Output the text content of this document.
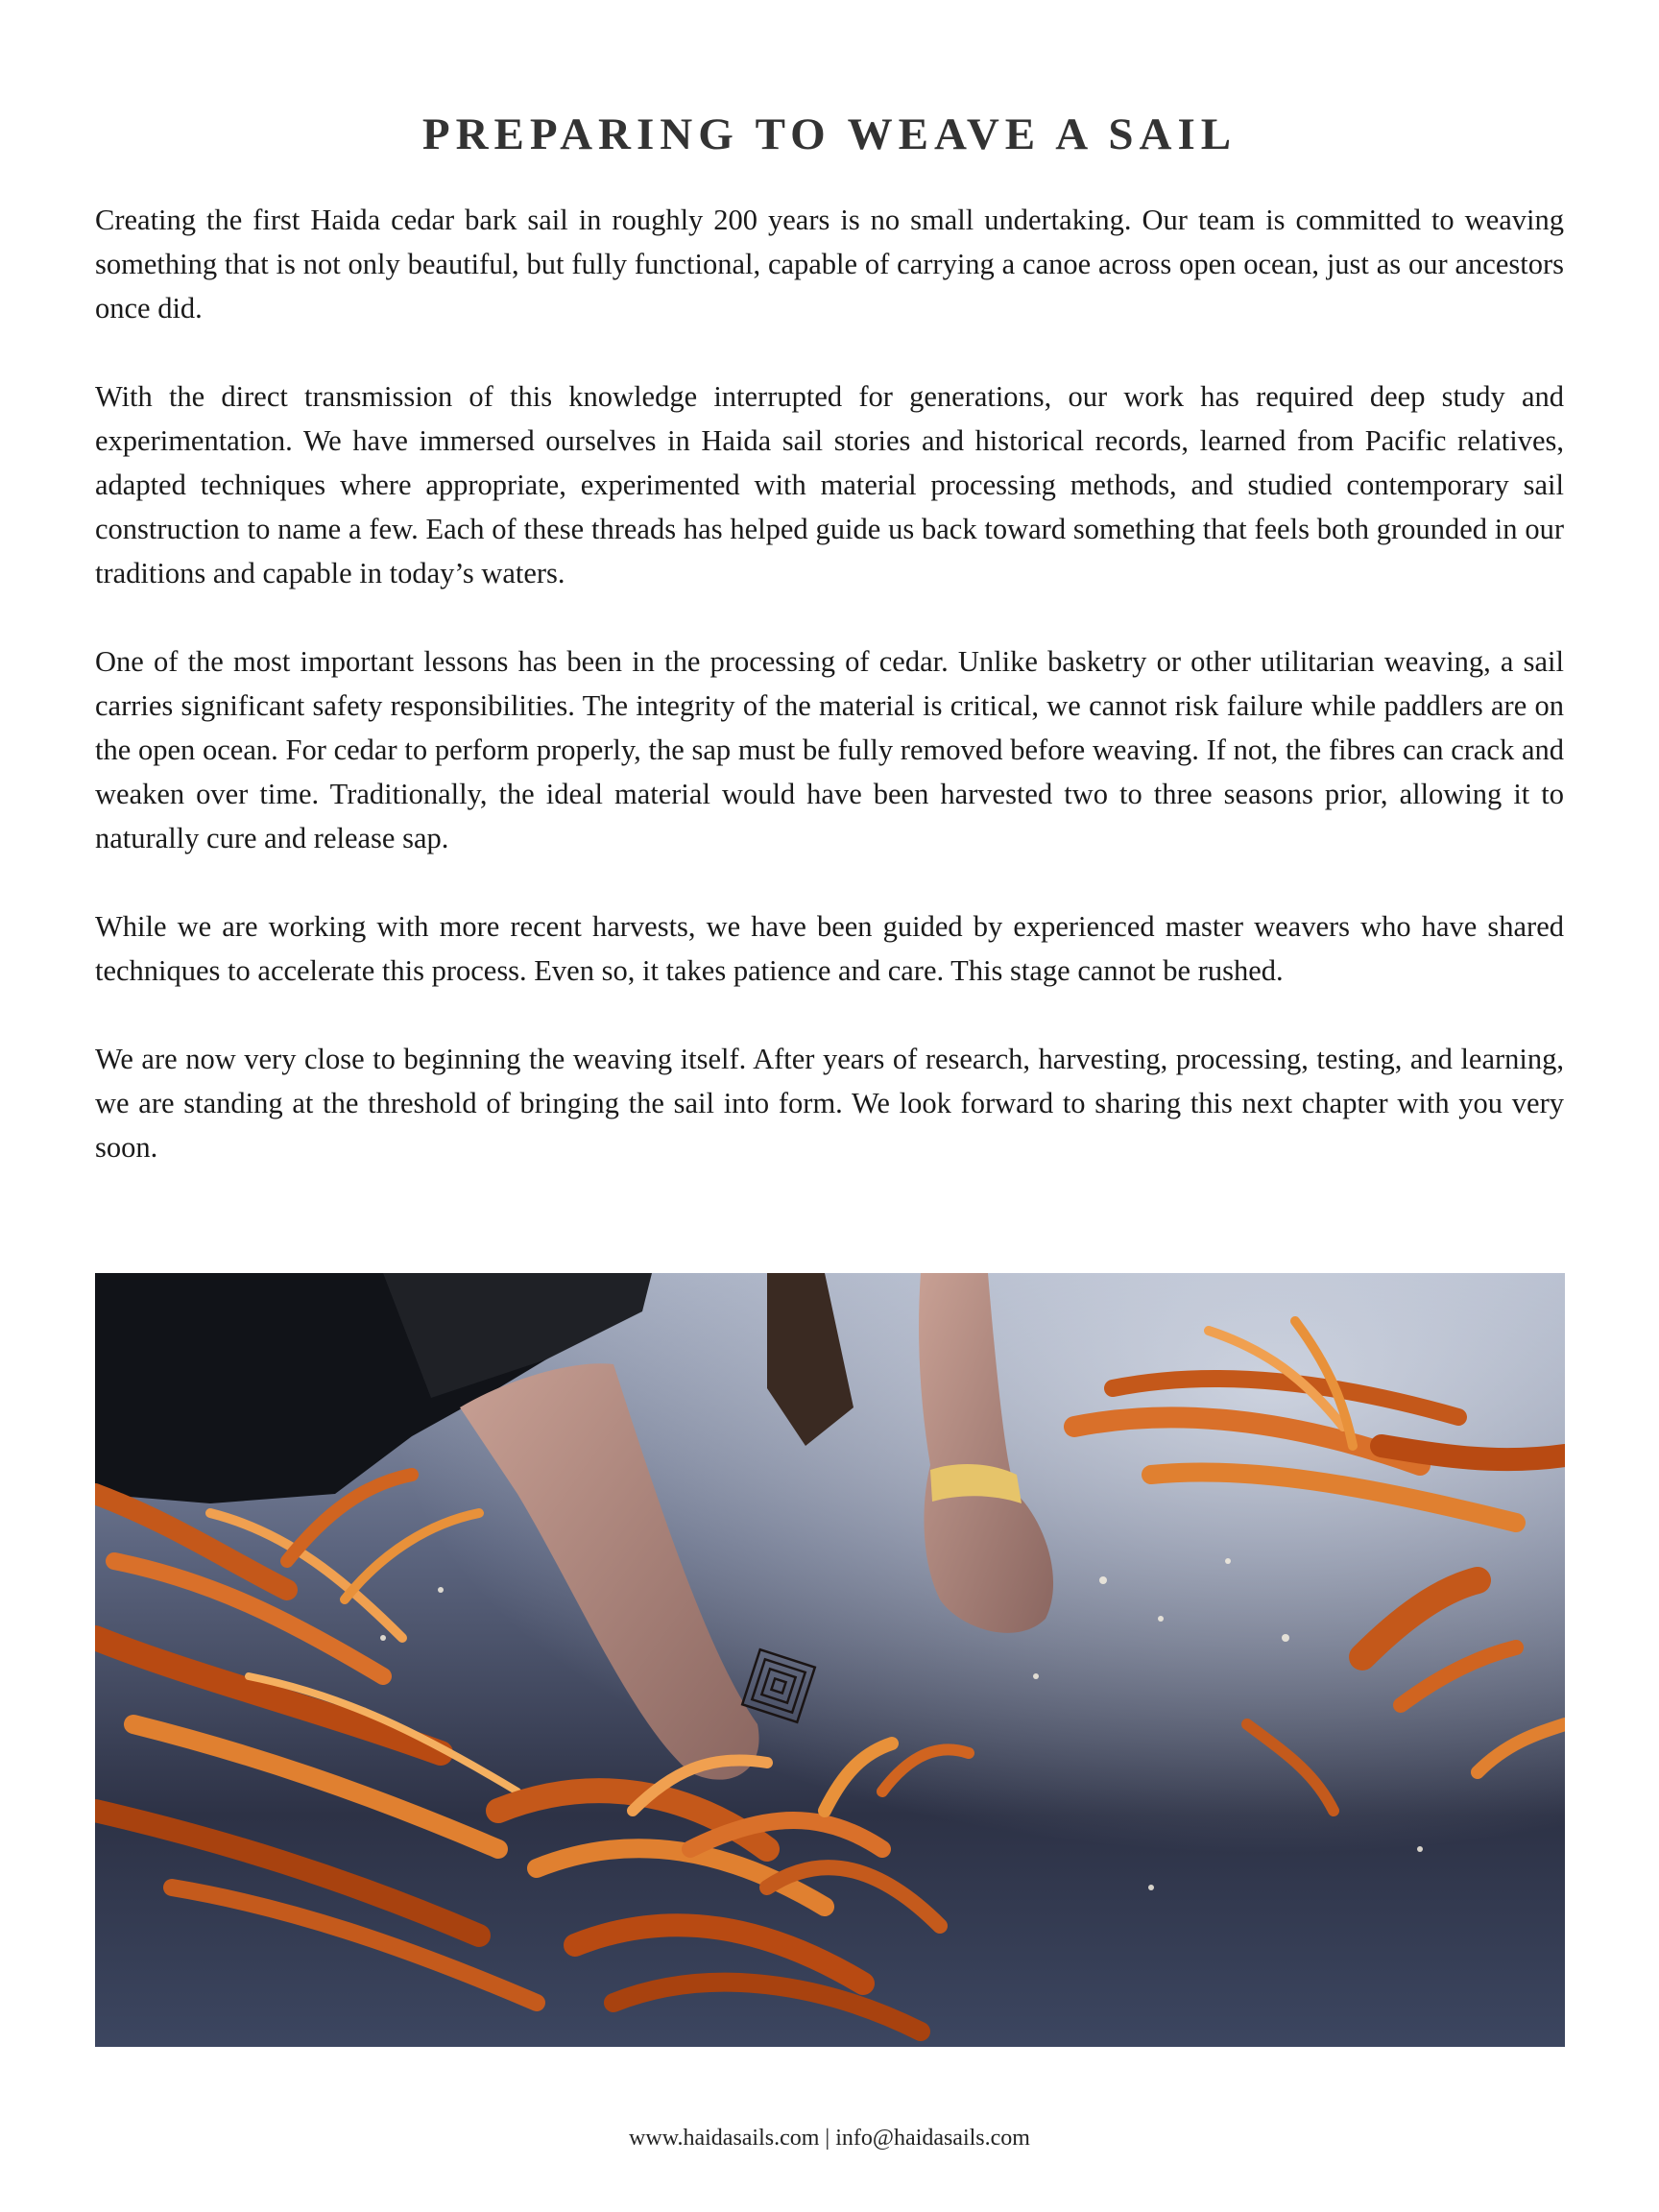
PREPARING TO WEAVE A SAIL

Creating the first Haida cedar bark sail in roughly 200 years is no small undertaking. Our team is committed to weaving something that is not only beautiful, but fully functional, capable of carrying a canoe across open ocean, just as our ancestors once did.

With the direct transmission of this knowledge interrupted for generations, our work has required deep study and experimentation. We have immersed ourselves in Haida sail stories and historical records, learned from Pacific relatives, adapted techniques where appropriate, experimented with material processing methods, and studied contemporary sail construction to name a few. Each of these threads has helped guide us back toward something that feels both grounded in our traditions and capable in today’s waters.

One of the most important lessons has been in the processing of cedar. Unlike basketry or other utilitarian weaving, a sail carries significant safety responsibilities. The integrity of the material is critical, we cannot risk failure while paddlers are on the open ocean. For cedar to perform properly, the sap must be fully removed before weaving. If not, the fibres can crack and weaken over time. Traditionally, the ideal material would have been harvested two to three seasons prior, allowing it to naturally cure and release sap.

While we are working with more recent harvests, we have been guided by experienced master weavers who have shared techniques to accelerate this process. Even so, it takes patience and care. This stage cannot be rushed.

We are now very close to beginning the weaving itself. After years of research, harvesting, processing, testing, and learning, we are standing at the threshold of bringing the sail into form. We look forward to sharing this next chapter with you very soon.

www.haidasails.com | info@haidasails.com
